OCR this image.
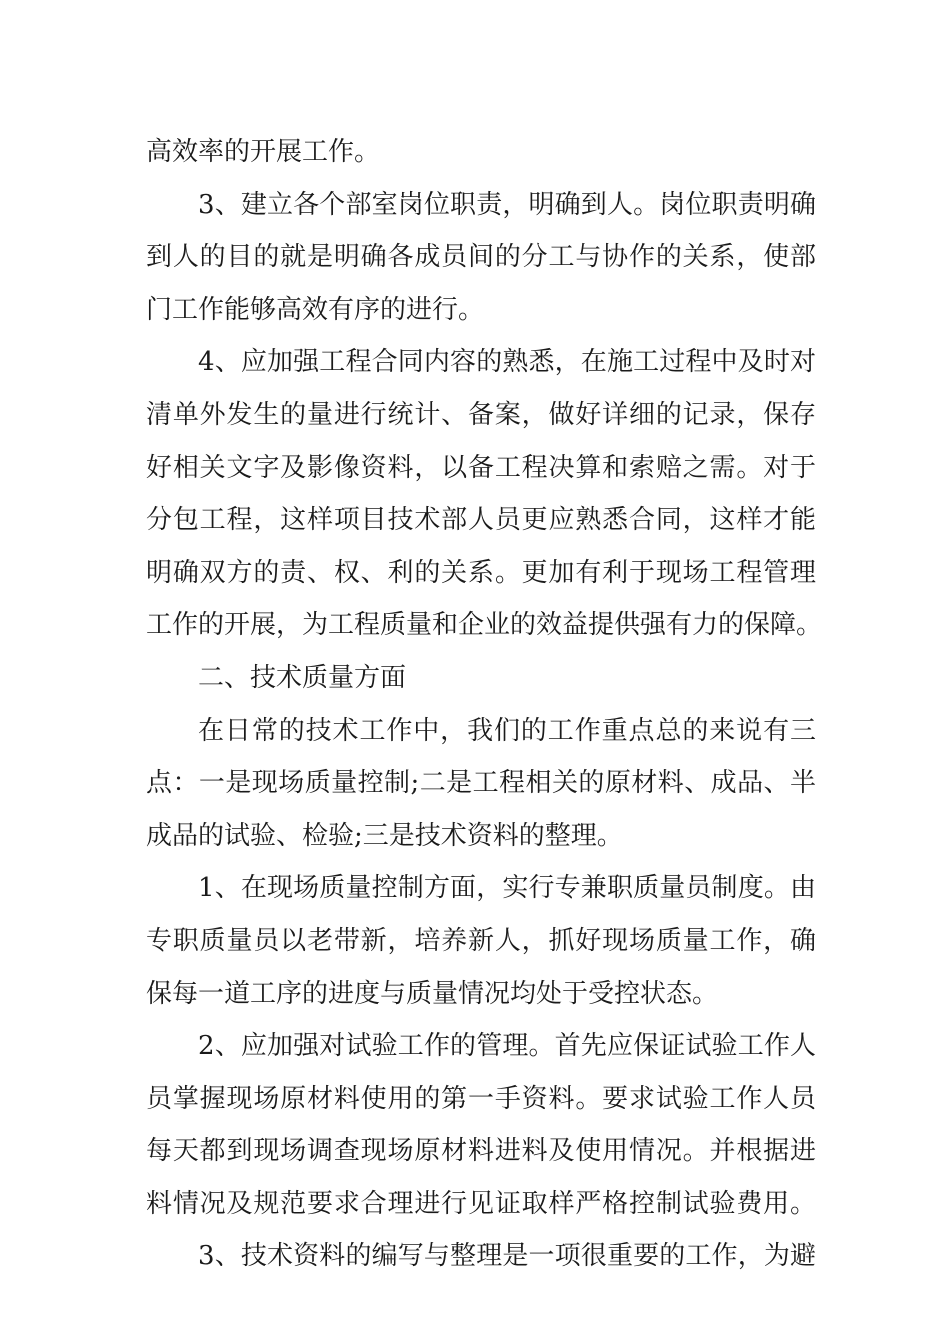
高效率的开展工作。
3、建立各个部室岗位职责，明确到人。岗位职责明确
到人的目的就是明确各成员间的分工与协作的关系，使部
门工作能够高效有序的进行。
4、应加强工程合同内容的熟悉，在施工过程中及时对
清单外发生的量进行统计、备案，做好详细的记录，保存
好相关文字及影像资料，以备工程决算和索赔之需。对于
分包工程，这样项目技术部人员更应熟悉合同，这样才能
明确双方的责、权、利的关系。更加有利于现场工程管理
工作的开展，为工程质量和企业的效益提供强有力的保障。
二、技术质量方面
在日常的技术工作中，我们的工作重点总的来说有三
点：一是现场质量控制;二是工程相关的原材料、成品、半
成品的试验、检验;三是技术资料的整理。
1、在现场质量控制方面，实行专兼职质量员制度。由
专职质量员以老带新，培养新人，抓好现场质量工作，确
保每一道工序的进度与质量情况均处于受控状态。
2、应加强对试验工作的管理。首先应保证试验工作人
员掌握现场原材料使用的第一手资料。要求试验工作人员
每天都到现场调查现场原材料进料及使用情况。并根据进
料情况及规范要求合理进行见证取样严格控制试验费用。
3、技术资料的编写与整理是一项很重要的工作，为避
